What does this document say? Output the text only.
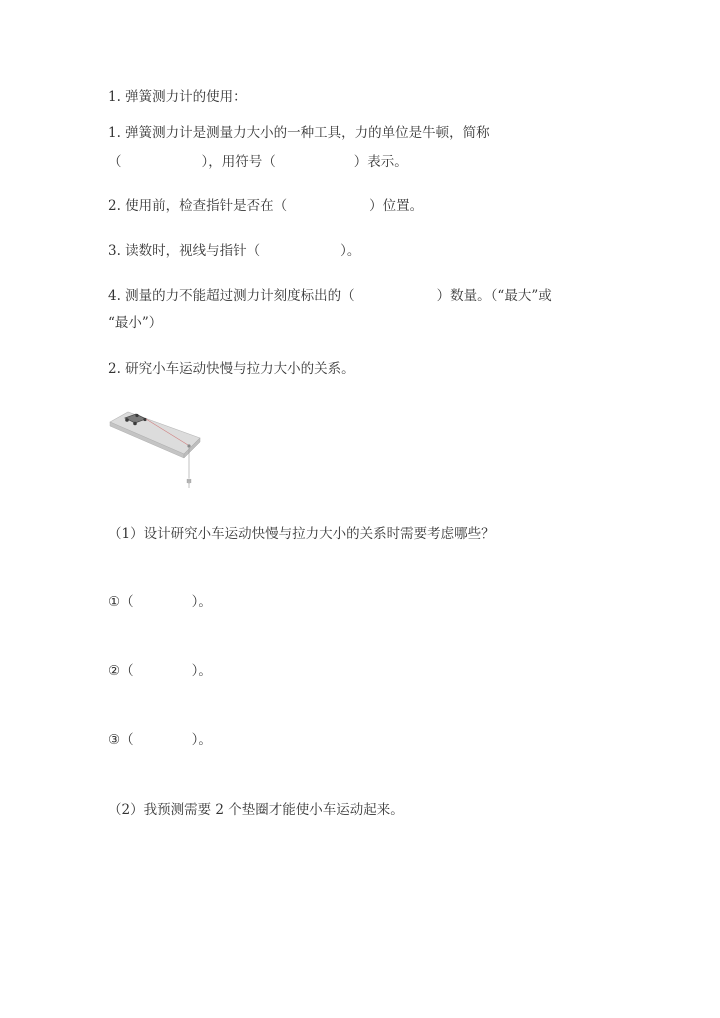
1. 弹簧测力计的使用：
1. 弹簧测力计是测量力大小的一种工具，力的单位是牛顿，简称
（	），用符号（	）表示。
2. 使用前，检查指针是否在（	）位置。
3. 读数时，视线与指针（	）。
4. 测量的力不能超过测力计刻度标出的（	）数量。（“最大”或
“最小”）
2. 研究小车运动快慢与拉力大小的关系。
（1）设计研究小车运动快慢与拉力大小的关系时需要考虑哪些？
①（	）。
②（	）。
③（	）。
（2）我预测需要 2 个垫圈才能使小车运动起来。
